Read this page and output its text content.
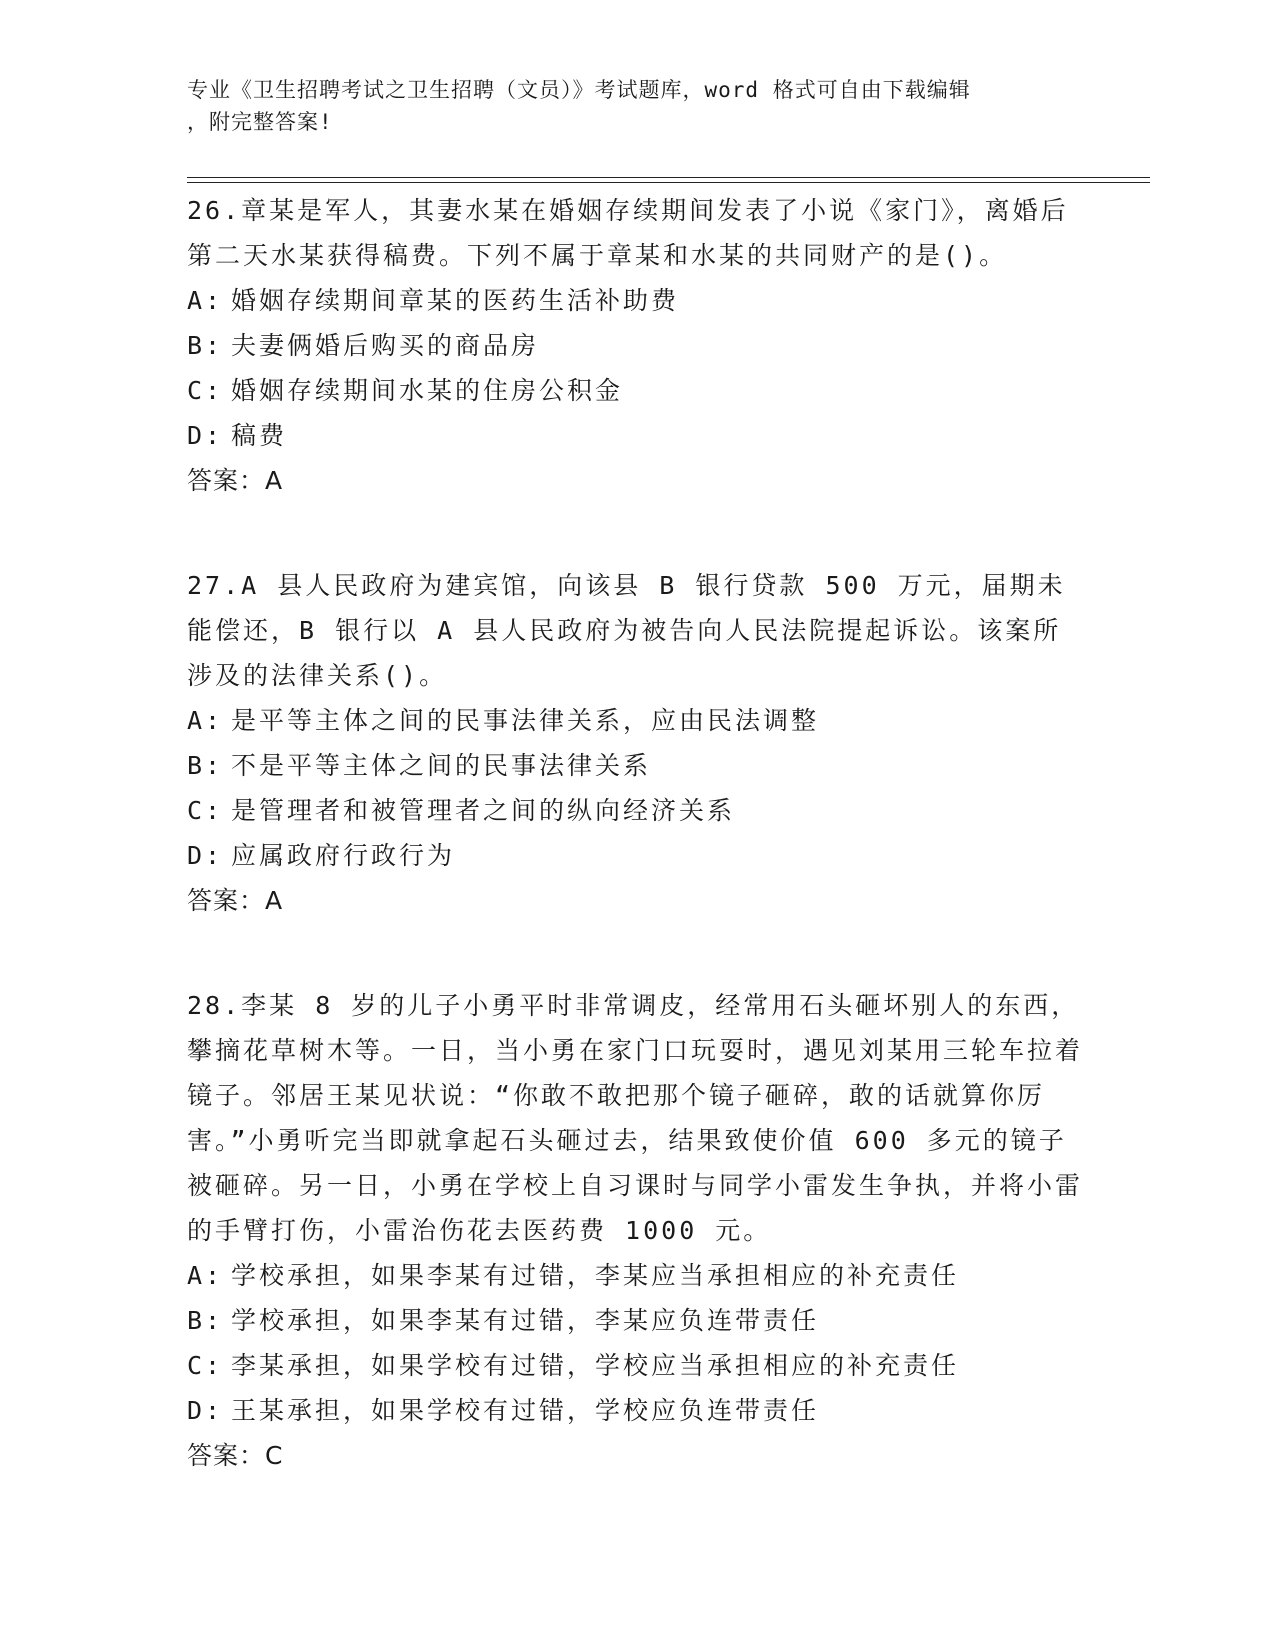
专业《卫生招聘考试之卫生招聘（文员）》考试题库，word 格式可自由下载编辑
，附完整答案!
26.章某是军人，其妻水某在婚姻存续期间发表了小说《家门》，离婚后第二天水某获得稿费。下列不属于章某和水某的共同财产的是()。
A: 婚姻存续期间章某的医药生活补助费
B: 夫妻俩婚后购买的商品房
C: 婚姻存续期间水某的住房公积金
D: 稿费
答案：A
27.A 县人民政府为建宾馆，向该县 B 银行贷款 500 万元，届期未能偿还，B 银行以 A 县人民政府为被告向人民法院提起诉讼。该案所涉及的法律关系()。
A: 是平等主体之间的民事法律关系，应由民法调整
B: 不是平等主体之间的民事法律关系
C: 是管理者和被管理者之间的纵向经济关系
D: 应属政府行政行为
答案：A
28.李某 8 岁的儿子小勇平时非常调皮，经常用石头砸坏别人的东西，攀摘花草树木等。一日，当小勇在家门口玩耍时，遇见刘某用三轮车拉着镜子。邻居王某见状说：“你敢不敢把那个镜子砸碎，敢的话就算你厉害。”小勇听完当即就拿起石头砸过去，结果致使价值 600 多元的镜子被砸碎。另一日，小勇在学校上自习课时与同学小雷发生争执，并将小雷的手臂打伤，小雷治伤花去医药费 1000 元。
A: 学校承担，如果李某有过错，李某应当承担相应的补充责任
B: 学校承担，如果李某有过错，李某应负连带责任
C: 李某承担，如果学校有过错，学校应当承担相应的补充责任
D: 王某承担，如果学校有过错，学校应负连带责任
答案：C
